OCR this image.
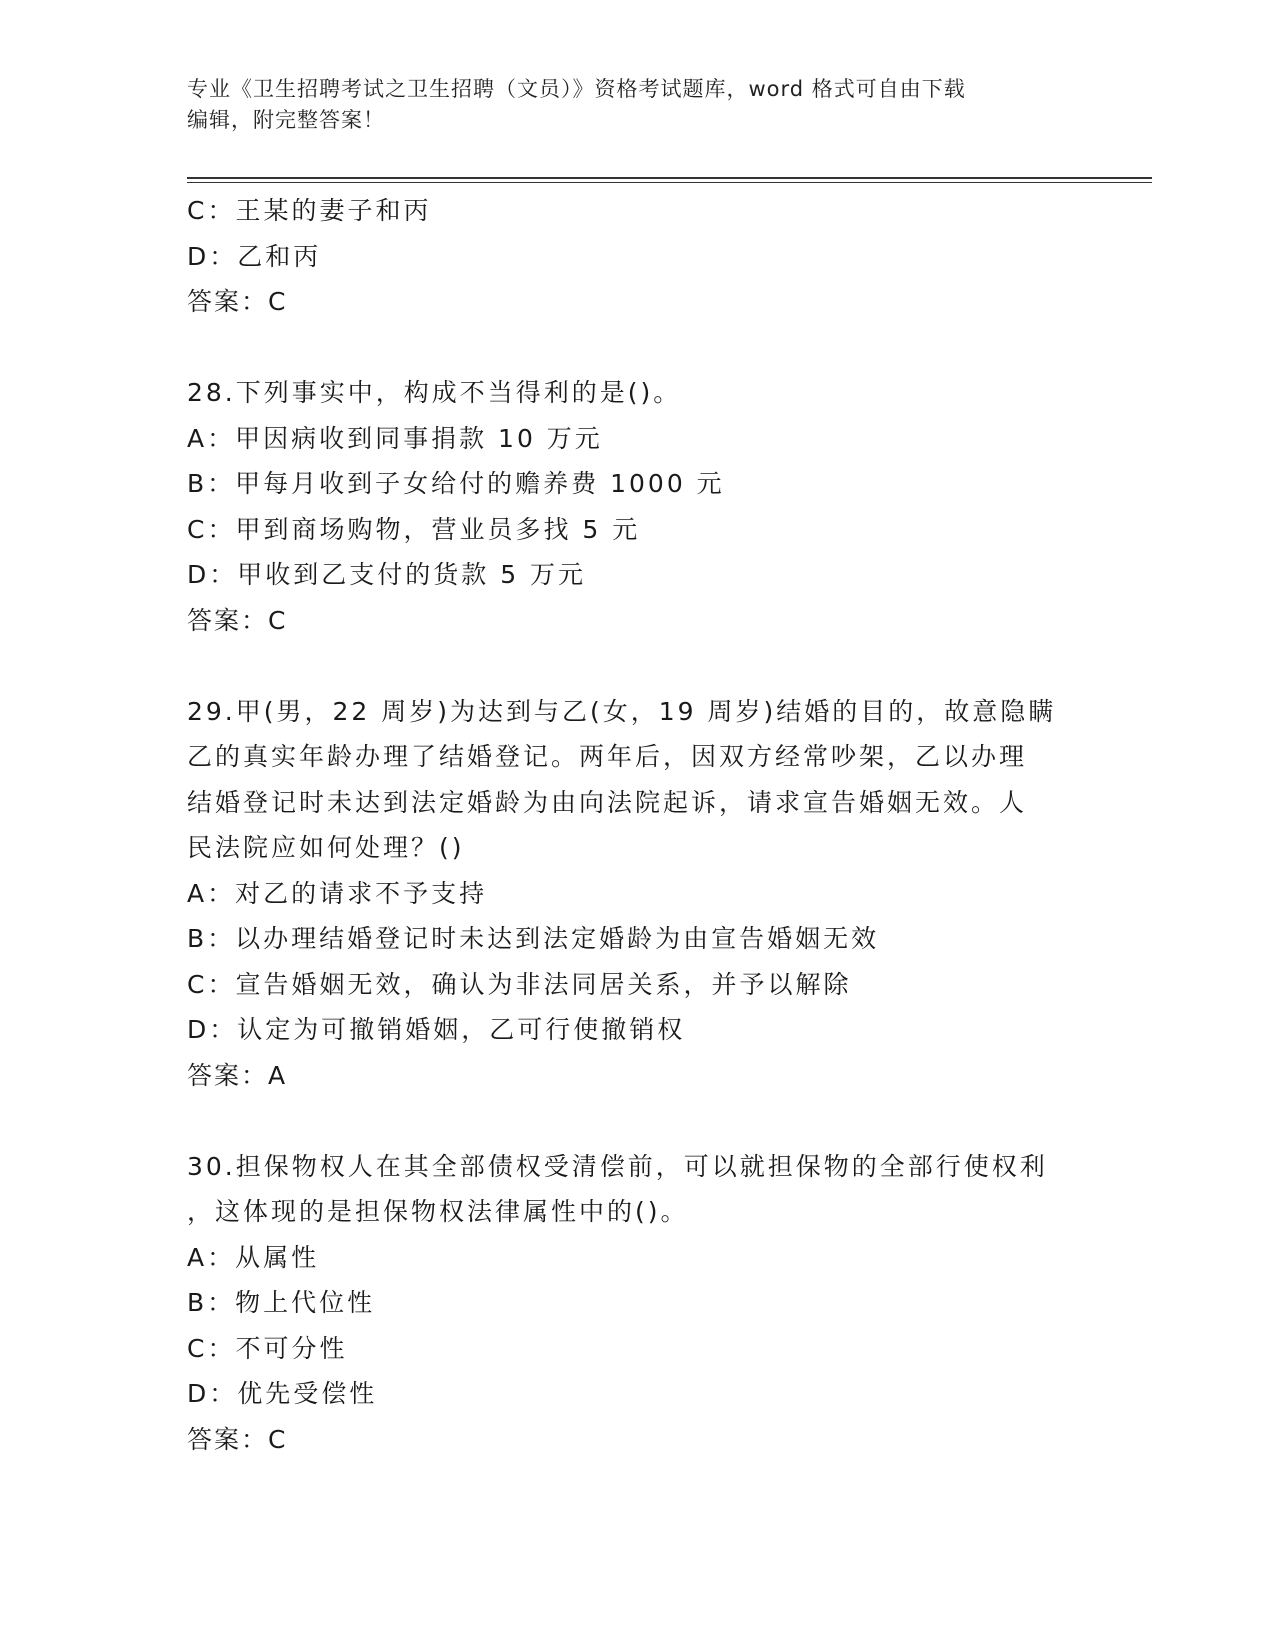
专业《卫生招聘考试之卫生招聘（文员）》资格考试题库，word 格式可自由下载
编辑，附完整答案！
C：王某的妻子和丙
D：乙和丙
答案：C
28.下列事实中，构成不当得利的是()。
A：甲因病收到同事捐款 10 万元
B：甲每月收到子女给付的赡养费 1000 元
C：甲到商场购物，营业员多找 5 元
D：甲收到乙支付的货款 5 万元
答案：C
29.甲(男，22 周岁)为达到与乙(女，19 周岁)结婚的目的，故意隐瞒
乙的真实年龄办理了结婚登记。两年后，因双方经常吵架，乙以办理
结婚登记时未达到法定婚龄为由向法院起诉，请求宣告婚姻无效。人
民法院应如何处理？()
A：对乙的请求不予支持
B：以办理结婚登记时未达到法定婚龄为由宣告婚姻无效
C：宣告婚姻无效，确认为非法同居关系，并予以解除
D：认定为可撤销婚姻，乙可行使撤销权
答案：A
30.担保物权人在其全部债权受清偿前，可以就担保物的全部行使权利
，这体现的是担保物权法律属性中的()。
A：从属性
B：物上代位性
C：不可分性
D：优先受偿性
答案：C
